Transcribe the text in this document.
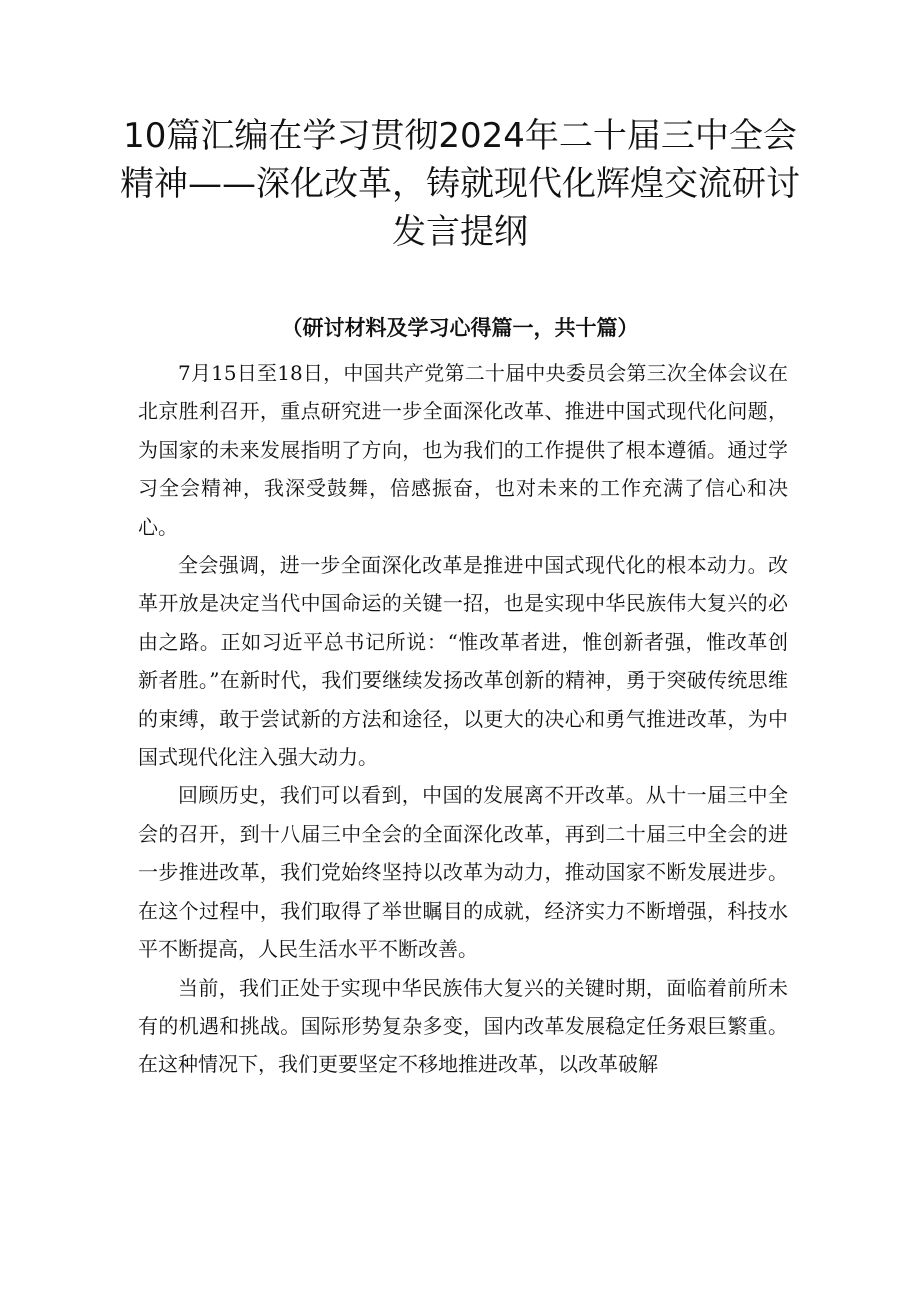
10篇汇编在学习贯彻2024年二十届三中全会精神——深化改革，铸就现代化辉煌交流研讨发言提纲
（研讨材料及学习心得篇一，共十篇）

7月15日至18日，中国共产党第二十届中央委员会第三次全体会议在北京胜利召开，重点研究进一步全面深化改革、推进中国式现代化问题，为国家的未来发展指明了方向，也为我们的工作提供了根本遵循。通过学习全会精神，我深受鼓舞，倍感振奋，也对未来的工作充满了信心和决心。

全会强调，进一步全面深化改革是推进中国式现代化的根本动力。改革开放是决定当代中国命运的关键一招，也是实现中华民族伟大复兴的必由之路。正如习近平总书记所说：“惟改革者进，惟创新者强，惟改革创新者胜。”在新时代，我们要继续发扬改革创新的精神，勇于突破传统思维的束缚，敢于尝试新的方法和途径，以更大的决心和勇气推进改革，为中国式现代化注入强大动力。

回顾历史，我们可以看到，中国的发展离不开改革。从十一届三中全会的召开，到十八届三中全会的全面深化改革，再到二十届三中全会的进一步推进改革，我们党始终坚持以改革为动力，推动国家不断发展进步。在这个过程中，我们取得了举世瞩目的成就，经济实力不断增强，科技水平不断提高，人民生活水平不断改善。

当前，我们正处于实现中华民族伟大复兴的关键时期，面临着前所未有的机遇和挑战。国际形势复杂多变，国内改革发展稳定任务艰巨繁重。在这种情况下，我们更要坚定不移地推进改革，以改革破解
